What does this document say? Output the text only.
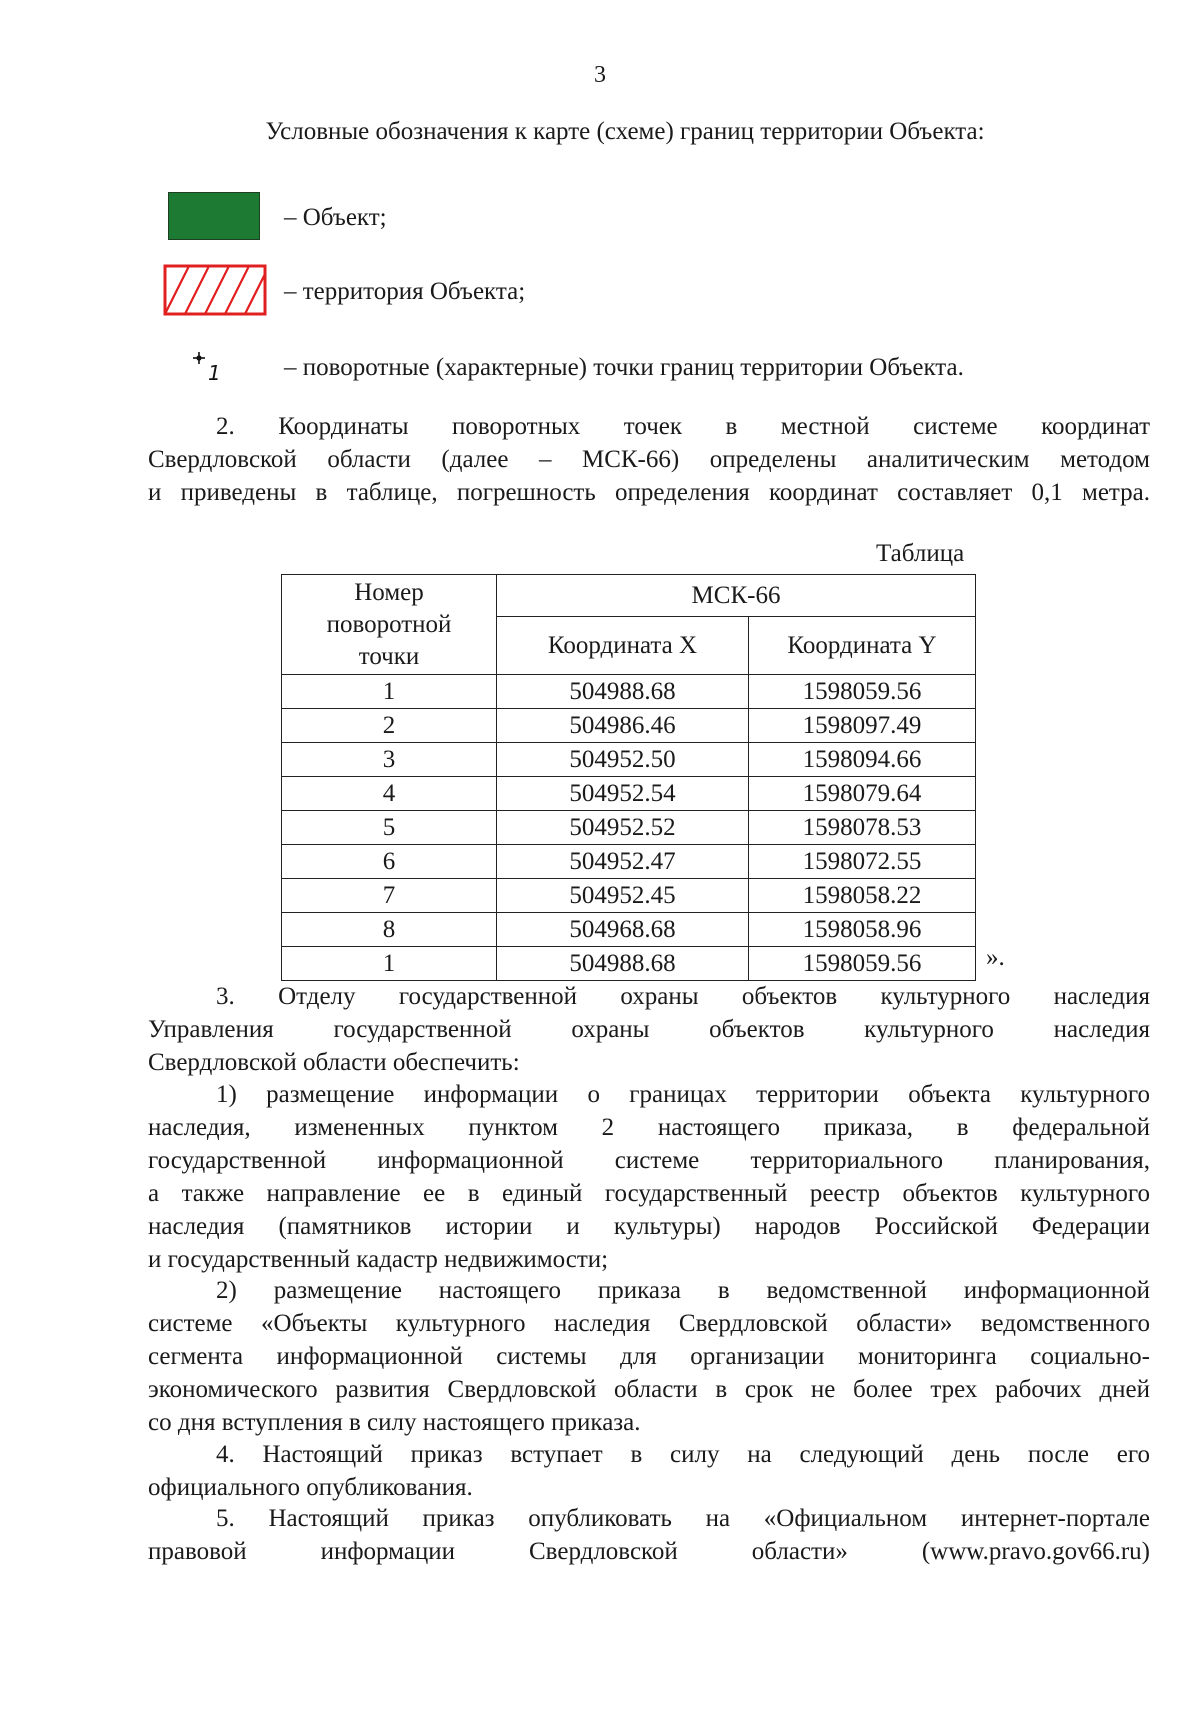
3
Условные обозначения к карте (схеме) границ территории Объекта:
– Объект;
– территория Объекта;
1	– поворотные (характерные) точки границ территории Объекта.
2. Координаты поворотных точек в местной системе координат
Свердловской области (далее – МСК-66) определены аналитическим методом
и приведены в таблице, погрешность определения координат составляет 0,1 метра.
Таблица
Номер
поворотной
точки	МСК-66	
	Координата X	Координата Y
1	504988.68	1598059.56
2	504986.46	1598097.49
3	504952.50	1598094.66
4	504952.54	1598079.64
5	504952.52	1598078.53
6	504952.47	1598072.55
7	504952.45	1598058.22
8	504968.68	1598058.96
1	504988.68	1598059.56	».
3. Отделу государственной охраны объектов культурного наследия
Управления государственной охраны объектов культурного наследия
Свердловской области обеспечить:
1) размещение информации о границах территории объекта культурного
наследия, измененных пунктом 2 настоящего приказа, в федеральной
государственной информационной системе территориального планирования,
а также направление ее в единый государственный реестр объектов культурного
наследия (памятников истории и культуры) народов Российской Федерации
и государственный кадастр недвижимости;
2) размещение настоящего приказа в ведомственной информационной
системе «Объекты культурного наследия Свердловской области» ведомственного
сегмента информационной системы для организации мониторинга социально-
экономического развития Свердловской области в срок не более трех рабочих дней
со дня вступления в силу настоящего приказа.
4. Настоящий приказ вступает в силу на следующий день после его
официального опубликования.
5. Настоящий приказ опубликовать на «Официальном интернет-портале
правовой информации Свердловской области» (www.pravo.gov66.ru)
